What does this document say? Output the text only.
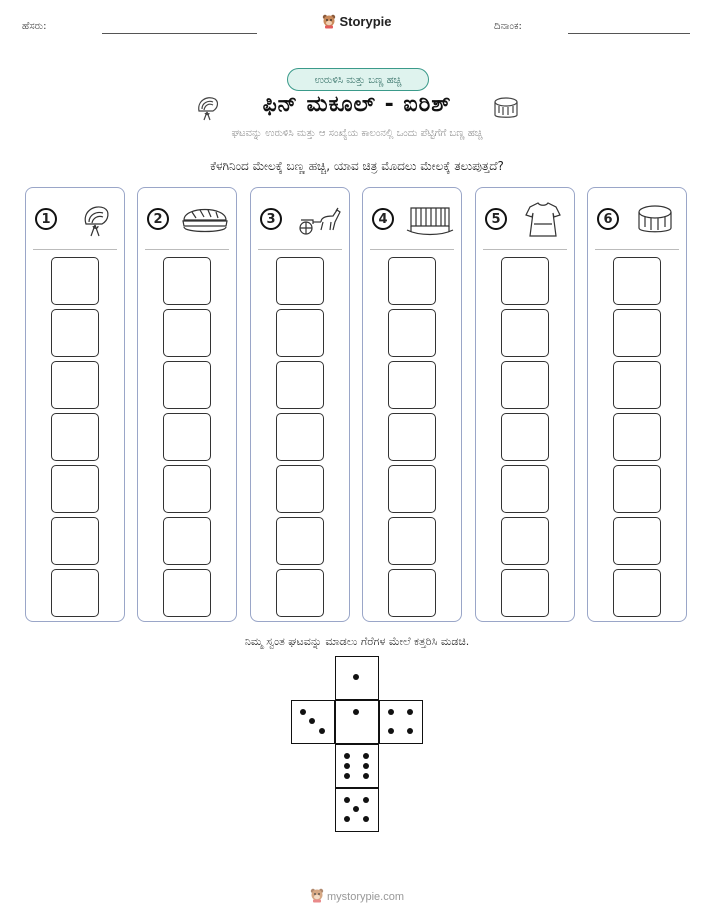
ಹೆಸರು:	Storypie	ದಿನಾಂಕ:
ಉರುಳಿಸಿ ಮತ್ತು ಬಣ್ಣ ಹಚ್ಚಿ
ಫಿನ್ ಮಕೂಲ್ - ಐರಿಶ್
ಘಟವನ್ನು ಉರುಳಿಸಿ ಮತ್ತು ಆ ಸಂಖ್ಯೆಯ ಕಾಲಂನಲ್ಲಿ ಒಂದು ಪೆಟ್ಟಿಗೆಗೆ ಬಣ್ಣ ಹಚ್ಚಿ
ಕೆಳಗಿನಿಂದ ಮೇಲಕ್ಕೆ ಬಣ್ಣ ಹಚ್ಚಿ, ಯಾವ ಚಿತ್ರ ಮೊದಲು ಮೇಲಕ್ಕೆ ತಲುಪುತ್ತದೆ?
1	2	3	4	5	6
ನಿಮ್ಮ ಸ್ವಂತ ಘಟವನ್ನು ಮಾಡಲು ಗೆರೆಗಳ ಮೇಲೆ ಕತ್ತರಿಸಿ ಮಡಚಿ.
mystorypie.com
